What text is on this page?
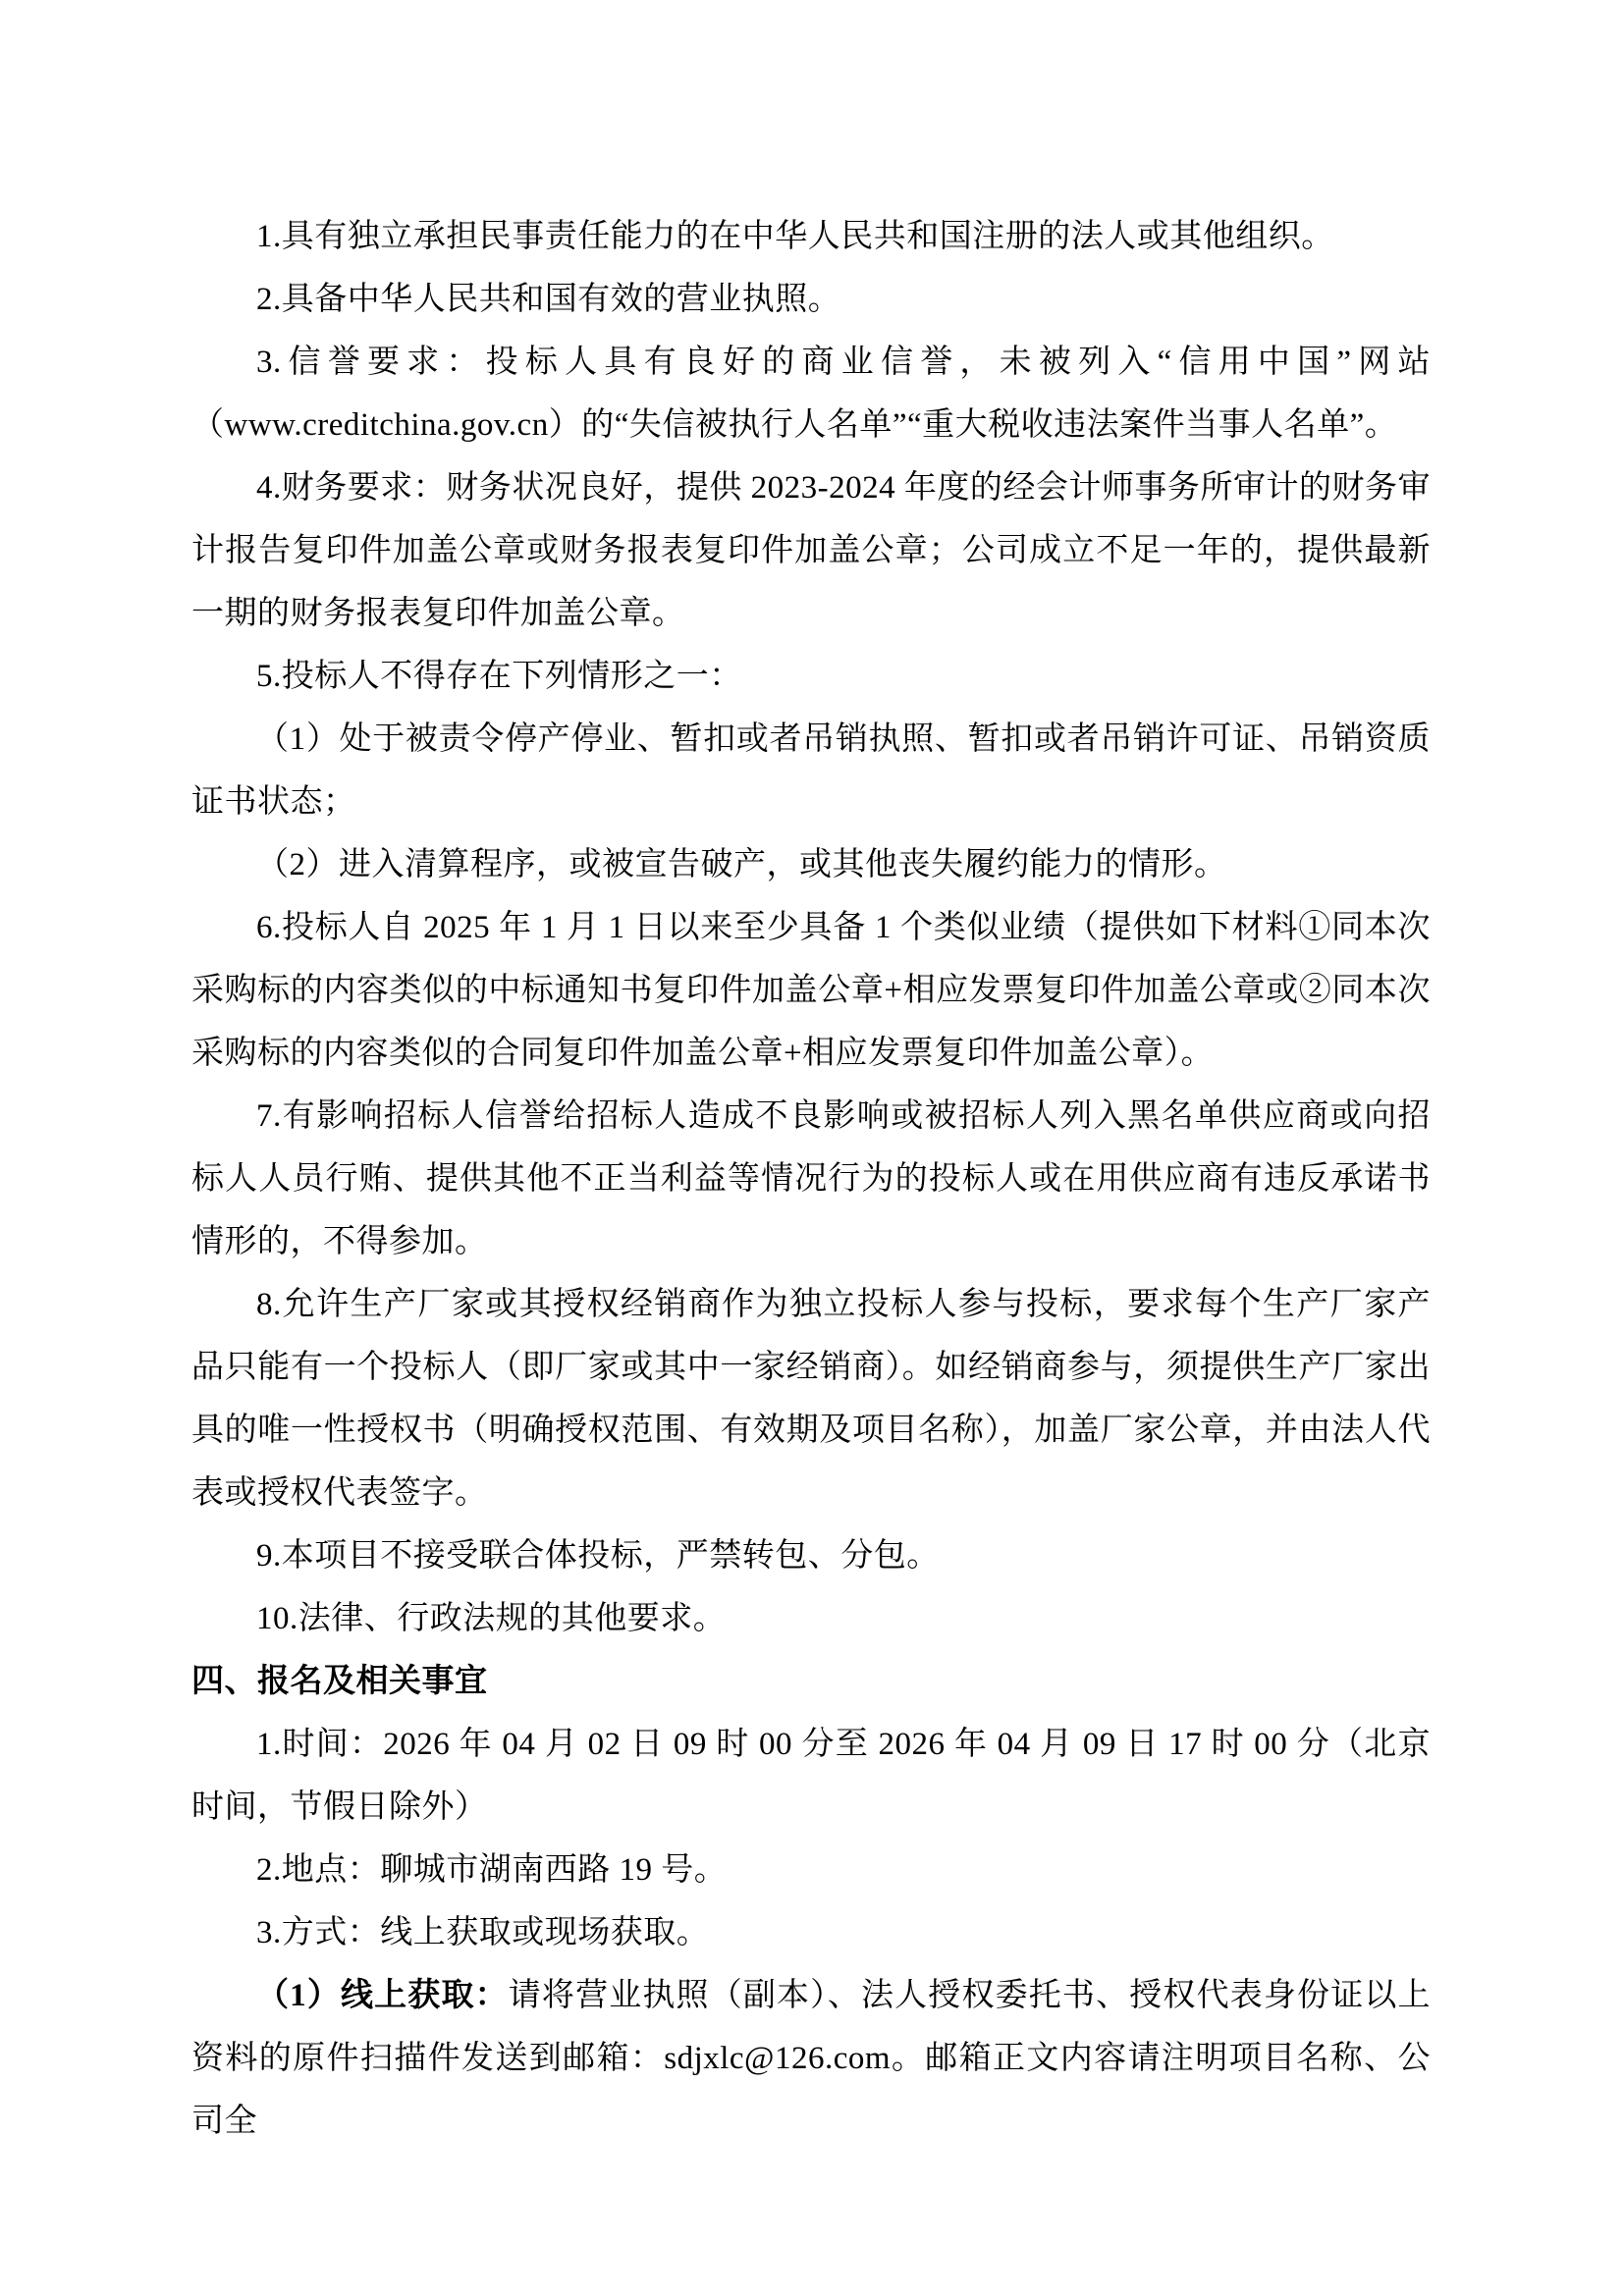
1.具有独立承担民事责任能力的在中华人民共和国注册的法人或其他组织。

2.具备中华人民共和国有效的营业执照。

3.信誉要求：投标人具有良好的商业信誉，未被列入“信用中国”网站（www.creditchina.gov.cn）的“失信被执行人名单”“重大税收违法案件当事人名单”。

4.财务要求：财务状况良好，提供 2023-2024 年度的经会计师事务所审计的财务审计报告复印件加盖公章或财务报表复印件加盖公章；公司成立不足一年的，提供最新一期的财务报表复印件加盖公章。

5.投标人不得存在下列情形之一：

（1）处于被责令停产停业、暂扣或者吊销执照、暂扣或者吊销许可证、吊销资质证书状态；

（2）进入清算程序，或被宣告破产，或其他丧失履约能力的情形。

6.投标人自 2025 年 1 月 1 日以来至少具备 1 个类似业绩（提供如下材料①同本次采购标的内容类似的中标通知书复印件加盖公章+相应发票复印件加盖公章或②同本次采购标的内容类似的合同复印件加盖公章+相应发票复印件加盖公章）。

7.有影响招标人信誉给招标人造成不良影响或被招标人列入黑名单供应商或向招标人人员行贿、提供其他不正当利益等情况行为的投标人或在用供应商有违反承诺书情形的，不得参加。

8.允许生产厂家或其授权经销商作为独立投标人参与投标，要求每个生产厂家产品只能有一个投标人（即厂家或其中一家经销商）。如经销商参与，须提供生产厂家出具的唯一性授权书（明确授权范围、有效期及项目名称），加盖厂家公章，并由法人代表或授权代表签字。

9.本项目不接受联合体投标，严禁转包、分包。

10.法律、行政法规的其他要求。

四、报名及相关事宜

1.时间：2026 年 04 月 02 日 09 时 00 分至 2026 年 04 月 09 日 17 时 00 分（北京时间，节假日除外）

2.地点：聊城市湖南西路 19 号。

3.方式：线上获取或现场获取。

（1）线上获取：请将营业执照（副本）、法人授权委托书、授权代表身份证以上资料的原件扫描件发送到邮箱：sdjxlc@126.com。邮箱正文内容请注明项目名称、公司全
